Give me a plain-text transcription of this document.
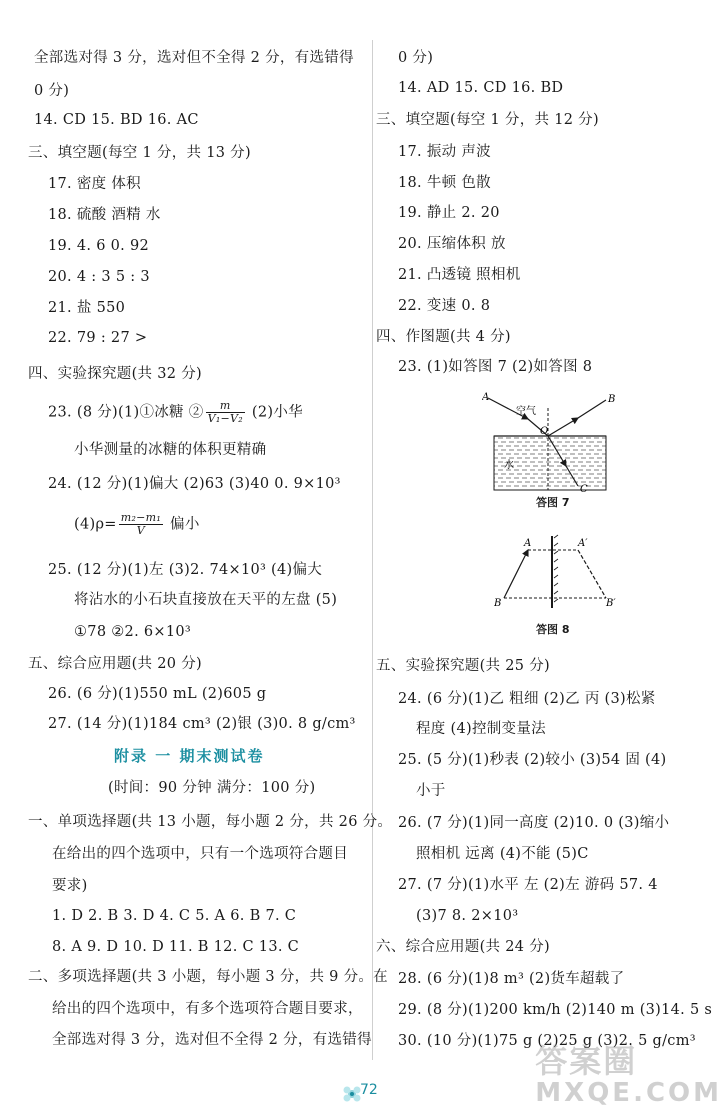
全部选对得 3 分，选对但不全得 2 分，有选错得
0 分)
14. CD 15. BD 16. AC
三、填空题(每空 1 分，共 13 分)
17. 密度 体积
18. 硫酸 酒精 水
19. 4. 6 0. 92
20. 4 : 3 5 : 3
21. 盐 550
22. 79 : 27 >
四、实验探究题(共 32 分)
23. (8 分)(1)①冰糖 ② $\frac{m}{\text{V₁−V₂}} (2)$小华
小华测量的冰糖的体积更精确
24. (12 分)(1)偏大 (2)63 (3)40 0. 9×10³
$(4)\rho= \frac{\text{m₂−m₁}}{V}$ 偏小
25. (12 分)(1)左 (3)2. 74×10³ (4)偏大
将沾水的小石块直接放在天平的左盘 (5)
①78 ②2. 6×10³
五、综合应用题(共 20 分)
26. (6 分)(1)550 mL (2)605 g
27. (14 分)(1)184 cm³ (2)银 (3)0. 8 g/cm³
附录 一 期末测试卷
(时间：90 分钟 满分：100 分)
一、单项选择题(共 13 小题，每小题 2 分，共 26 分。
在给出的四个选项中，只有一个选项符合题目
要求)
1. D 2. B 3. D 4. C 5. A 6. B 7. C
8. A 9. D 10. D 11. B 12. C 13. C
二、多项选择题(共 3 小题，每小题 3 分，共 9 分。在
给出的四个选项中，有多个选项符合题目要求，
全部选对得 3 分，选对但不全得 2 分，有选错得
0 分)
14. AD 15. CD 16. BD
三、填空题(每空 1 分，共 12 分)
17. 振动 声波
18. 牛顿 色散
19. 静止 2. 20
20. 压缩体积 放
21. 凸透镜 照相机
22. 变速 0. 8
四、作图题(共 4 分)
23. (1)如答图 7 (2)如答图 8
A	B
O
C
空气
水
答图 7
A	A′
B	B′
答图 8
五、实验探究题(共 25 分)
24. (6 分)(1)乙 粗细 (2)乙 丙 (3)松紧
程度 (4)控制变量法
25. (5 分)(1)秒表 (2)较小 (3)54 固 (4)
小于
26. (7 分)(1)同一高度 (2)10. 0 (3)缩小
照相机 远离 (4)不能 (5)C
27. (7 分)(1)水平 左 (2)左 游码 57. 4
(3)7 8. 2×10³
六、综合应用题(共 24 分)
28. (6 分)(1)8 m³ (2)货车超载了
29. (8 分)(1)200 km/h (2)140 m (3)14. 5 s
30. (10 分)(1)75 g (2)25 g (3)2. 5 g/cm³
72
答案圈
MXQE.COM
